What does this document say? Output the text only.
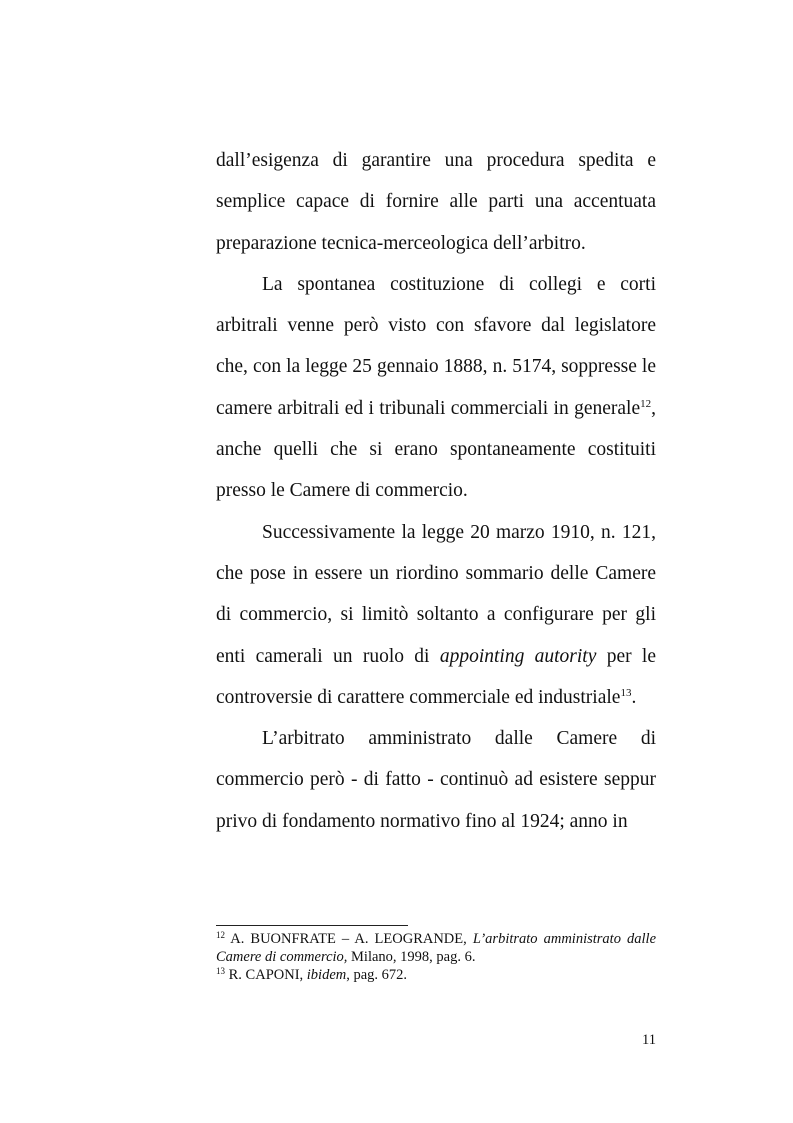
dall’esigenza di garantire una procedura spedita e semplice capace di fornire alle parti una accentuata preparazione tecnica-merceologica dell’arbitro.

La spontanea costituzione di collegi e corti arbitrali venne però visto con sfavore dal legislatore che, con la legge 25 gennaio 1888, n. 5174, soppresse le camere arbitrali ed i tribunali commerciali in generale$^{12}$, anche quelli che si erano spontaneamente costituiti presso le Camere di commercio.

Successivamente la legge 20 marzo 1910, n. 121, che pose in essere un riordino sommario delle Camere di commercio, si limitò soltanto a configurare per gli enti camerali un ruolo di appointing autority per le controversie di carattere commerciale ed industriale$^{13}$.

L’arbitrato amministrato dalle Camere di commercio però - di fatto - continuò ad esistere seppur privo di fondamento normativo fino al 1924; anno in

$^{12}$ A. BUONFRATE – A. LEOGRANDE, L’arbitrato amministrato dalle Camere di commercio, Milano, 1998, pag. 6.

$^{13}$ R. CAPONI, ibidem, pag. 672.

11
